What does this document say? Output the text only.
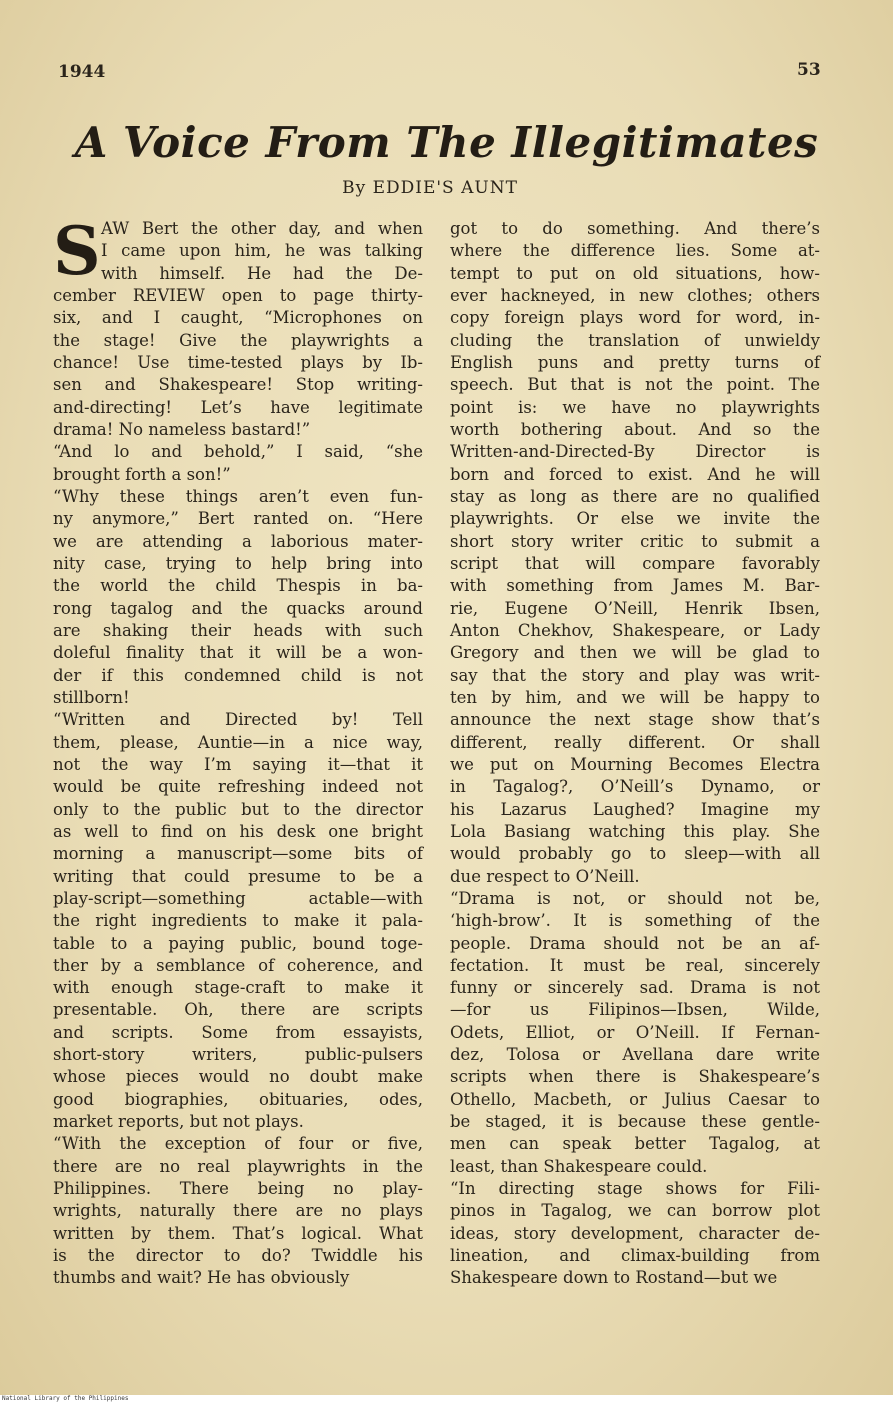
1944	53
A Voice From The Illegitimates
By EDDIE'S AUNT
S AW Bert the other day, and when
I came upon him, he was talking
with himself. He had the De-
cember REVIEW open to page thirty-
six, and I caught, “Microphones on
the stage! Give the playwrights a
chance! Use time-tested plays by Ib-
sen and Shakespeare! Stop writing-
and-directing! Let’s have legitimate
drama! No nameless bastard!”
“And lo and behold,” I said, “she
brought forth a son!”
“Why these things aren’t even fun-
ny anymore,” Bert ranted on. “Here
we are attending a laborious mater-
nity case, trying to help bring into
the world the child Thespis in ba-
rong tagalog and the quacks around
are shaking their heads with such
doleful finality that it will be a won-
der if this condemned child is not
stillborn!
“Written and Directed by! Tell
them, please, Auntie—in a nice way,
not the way I’m saying it—that it
would be quite refreshing indeed not
only to the public but to the director
as well to find on his desk one bright
morning a manuscript—some bits of
writing that could presume to be a
play-script—something actable—with
the right ingredients to make it pala-
table to a paying public, bound toge-
ther by a semblance of coherence, and
with enough stage-craft to make it
presentable. Oh, there are scripts
and scripts. Some from essayists,
short-story writers, public-pulsers
whose pieces would no doubt make
good biographies, obituaries, odes,
market reports, but not plays.
“With the exception of four or five,
there are no real playwrights in the
Philippines. There being no play-
wrights, naturally there are no plays
written by them. That’s logical. What
is the director to do? Twiddle his
thumbs and wait? He has obviously
got to do something. And there’s
where the difference lies. Some at-
tempt to put on old situations, how-
ever hackneyed, in new clothes; others
copy foreign plays word for word, in-
cluding the translation of unwieldy
English puns and pretty turns of
speech. But that is not the point. The
point is: we have no playwrights
worth bothering about. And so the
Written-and-Directed-By Director is
born and forced to exist. And he will
stay as long as there are no qualified
playwrights. Or else we invite the
short story writer critic to submit a
script that will compare favorably
with something from James M. Bar-
rie, Eugene O’Neill, Henrik Ibsen,
Anton Chekhov, Shakespeare, or Lady
Gregory and then we will be glad to
say that the story and play was writ-
ten by him, and we will be happy to
announce the next stage show that’s
different, really different. Or shall
we put on Mourning Becomes Electra
in Tagalog?, O’Neill’s Dynamo, or
his Lazarus Laughed? Imagine my
Lola Basiang watching this play. She
would probably go to sleep—with all
due respect to O’Neill.
“Drama is not, or should not be,
‘high-brow’. It is something of the
people. Drama should not be an af-
fectation. It must be real, sincerely
funny or sincerely sad. Drama is not
—for us Filipinos—Ibsen, Wilde,
Odets, Elliot, or O’Neill. If Fernan-
dez, Tolosa or Avellana dare write
scripts when there is Shakespeare’s
Othello, Macbeth, or Julius Caesar to
be staged, it is because these gentle-
men can speak better Tagalog, at
least, than Shakespeare could.
“In directing stage shows for Fili-
pinos in Tagalog, we can borrow plot
ideas, story development, character de-
lineation, and climax-building from
Shakespeare down to Rostand—but we
National Library of the Philippines
